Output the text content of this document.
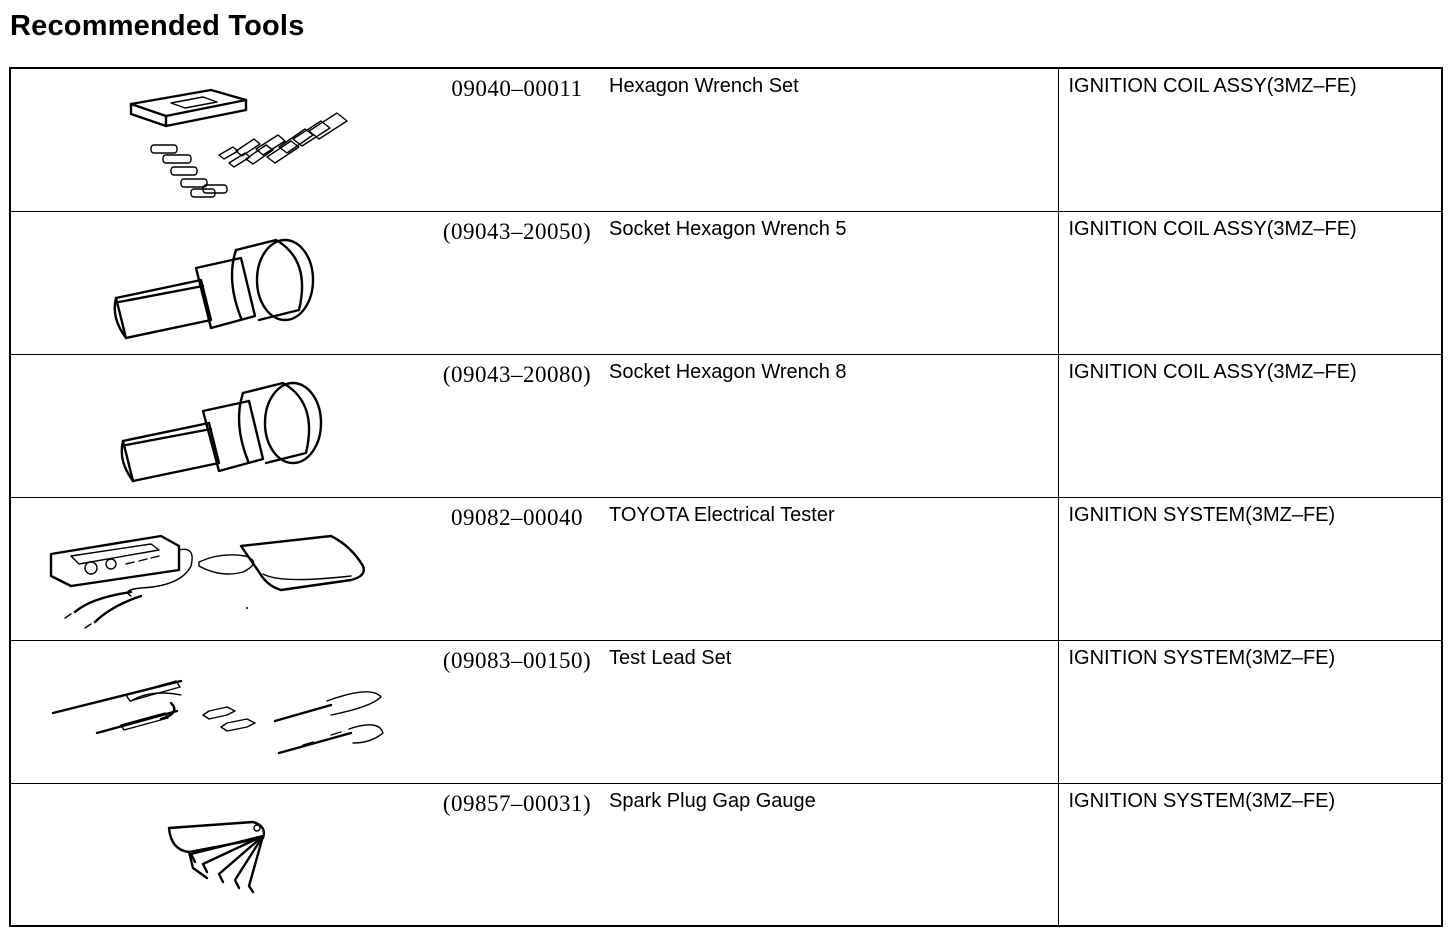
Recommended Tools
09040–00011 Hexagon Wrench Set	IGNITION COIL ASSY(3MZ–FE)

(09043–20050) Socket Hexagon Wrench 5	IGNITION COIL ASSY(3MZ–FE)

(09043–20080) Socket Hexagon Wrench 8	IGNITION COIL ASSY(3MZ–FE)

09082–00040 TOYOTA Electrical Tester	IGNITION SYSTEM(3MZ–FE)

(09083–00150) Test Lead Set	IGNITION SYSTEM(3MZ–FE)

(09857–00031) Spark Plug Gap Gauge	IGNITION SYSTEM(3MZ–FE)
